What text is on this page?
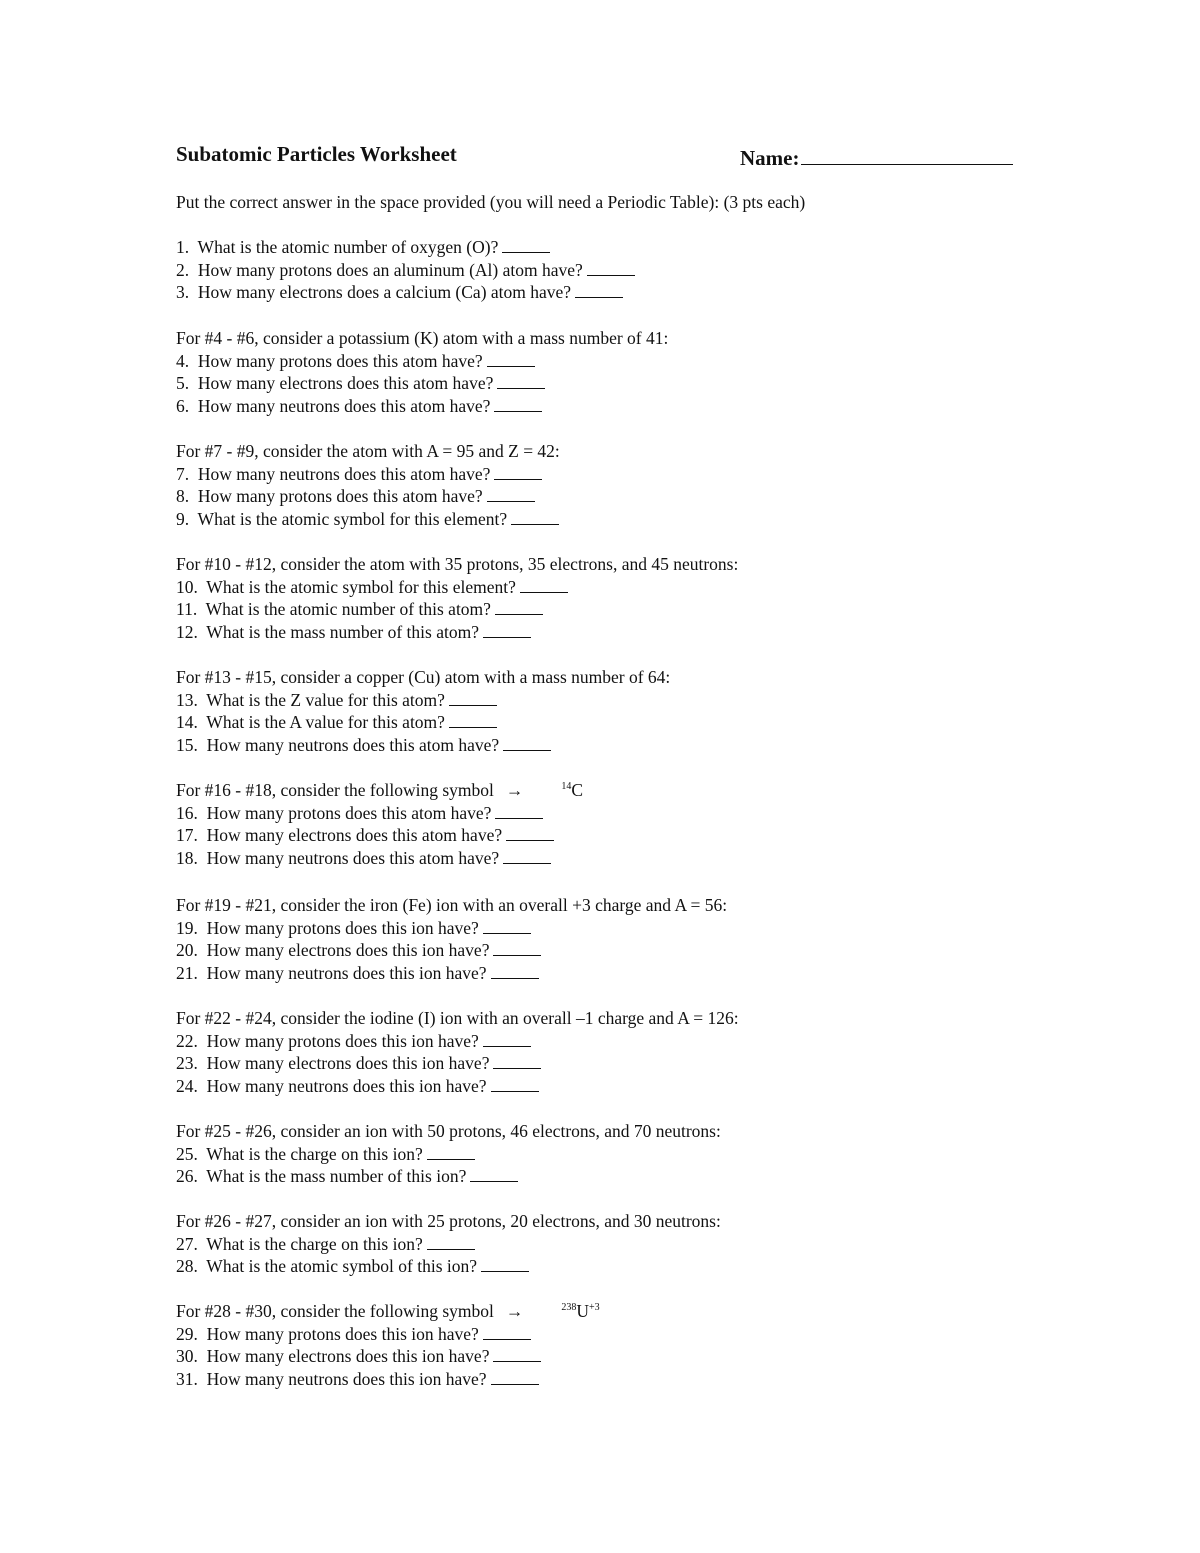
Subatomic Particles Worksheet	Name:
Put the correct answer in the space provided (you will need a Periodic Table): (3 pts each)
1.  What is the atomic number of oxygen (O)?
2.  How many protons does an aluminum (Al) atom have?
3.  How many electrons does a calcium (Ca) atom have?
For #4 - #6, consider a potassium (K) atom with a mass number of 41:
4.  How many protons does this atom have?
5.  How many electrons does this atom have?
6.  How many neutrons does this atom have?
For #7 - #9, consider the atom with A = 95 and Z = 42:
7.  How many neutrons does this atom have?
8.  How many protons does this atom have?
9.  What is the atomic symbol for this element?
For #10 - #12, consider the atom with 35 protons, 35 electrons, and 45 neutrons:
10.  What is the atomic symbol for this element?
11.  What is the atomic number of this atom?
12.  What is the mass number of this atom?
For #13 - #15, consider a copper (Cu) atom with a mass number of 64:
13.  What is the Z value for this atom?
14.  What is the A value for this atom?
15.  How many neutrons does this atom have?
For #16 - #18, consider the following symbol →	$^{14}$C
16.  How many protons does this atom have?
17.  How many electrons does this atom have?
18.  How many neutrons does this atom have?
For #19 - #21, consider the iron (Fe) ion with an overall +3 charge and A = 56:
19.  How many protons does this ion have?
20.  How many electrons does this ion have?
21.  How many neutrons does this ion have?
For #22 - #24, consider the iodine (I) ion with an overall –1 charge and A = 126:
22.  How many protons does this ion have?
23.  How many electrons does this ion have?
24.  How many neutrons does this ion have?
For #25 - #26, consider an ion with 50 protons, 46 electrons, and 70 neutrons:
25.  What is the charge on this ion?
26.  What is the mass number of this ion?
For #26 - #27, consider an ion with 25 protons, 20 electrons, and 30 neutrons:
27.  What is the charge on this ion?
28.  What is the atomic symbol of this ion?
For #28 - #30, consider the following symbol →	$^{238}U^{+3}$
29.  How many protons does this ion have?
30.  How many electrons does this ion have?
31.  How many neutrons does this ion have?
